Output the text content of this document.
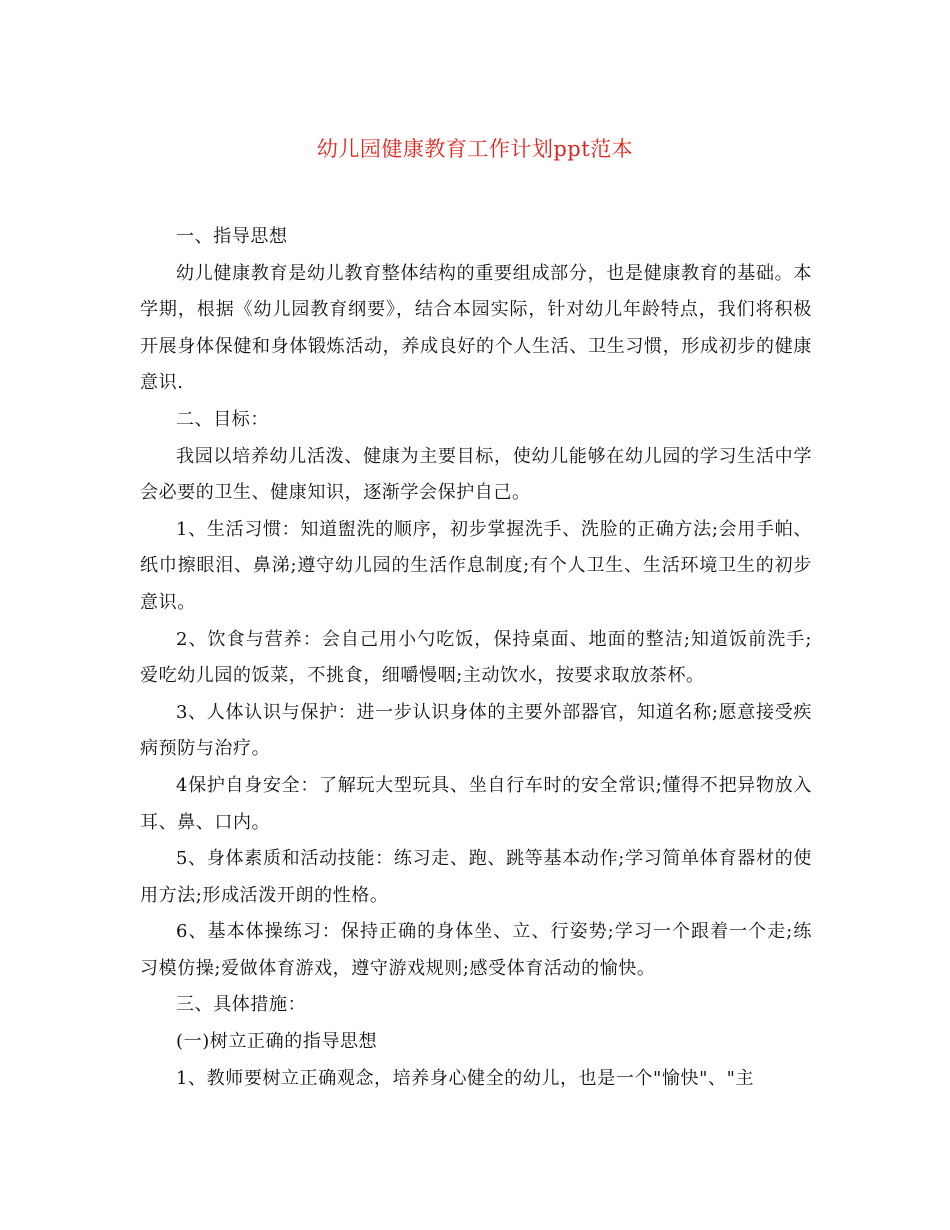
幼儿园健康教育工作计划ppt范本

一、指导思想

幼儿健康教育是幼儿教育整体结构的重要组成部分，也是健康教育的基础。本学期，根据《幼儿园教育纲要》，结合本园实际，针对幼儿年龄特点，我们将积极开展身体保健和身体锻炼活动，养成良好的个人生活、卫生习惯，形成初步的健康意识.

二、目标：

我园以培养幼儿活泼、健康为主要目标，使幼儿能够在幼儿园的学习生活中学会必要的卫生、健康知识，逐渐学会保护自己。

1、生活习惯：知道盥洗的顺序，初步掌握洗手、洗脸的正确方法;会用手帕、纸巾擦眼泪、鼻涕;遵守幼儿园的生活作息制度;有个人卫生、生活环境卫生的初步意识。

2、饮食与营养：会自己用小勺吃饭，保持桌面、地面的整洁;知道饭前洗手;爱吃幼儿园的饭菜，不挑食，细嚼慢咽;主动饮水，按要求取放茶杯。

3、人体认识与保护：进一步认识身体的主要外部器官，知道名称;愿意接受疾病预防与治疗。

4保护自身安全：了解玩大型玩具、坐自行车时的安全常识;懂得不把异物放入耳、鼻、口内。

5、身体素质和活动技能：练习走、跑、跳等基本动作;学习简单体育器材的使用方法;形成活泼开朗的性格。

6、基本体操练习：保持正确的身体坐、立、行姿势;学习一个跟着一个走;练习模仿操;爱做体育游戏，遵守游戏规则;感受体育活动的愉快。

三、具体措施：

(一)树立正确的指导思想

1、教师要树立正确观念，培养身心健全的幼儿，也是一个"愉快"、"主
